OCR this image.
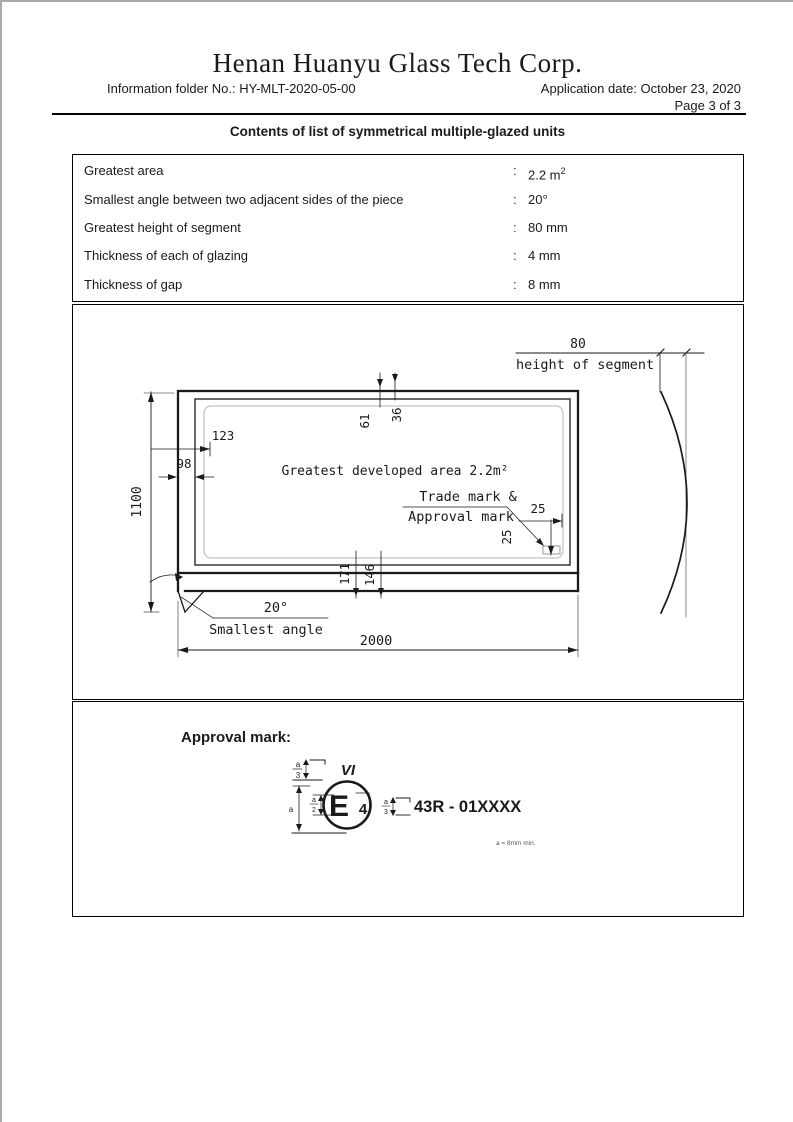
Henan Huanyu Glass Tech Corp.
Information folder No.: HY-MLT-2020-05-00	Application date: October 23, 2020
Page 3 of 3
Contents of list of symmetrical multiple-glazed units
Greatest area	: 2.2 $m^2$
Smallest angle between two adjacent sides of the piece	: 20°
Greatest height of segment	: 80 mm
Thickness of each of glazing	: 4 mm
Thickness of gap	: 8 mm
80
height of segment
61 36
123
98
1100
2000
171 146
Greatest developed area 2.2m²
Trade mark &
Approval mark
25
25
20°
Smallest angle
Approval mark:
a
3	VI
a
a
2 E 4 a
3 43R - 01XXXX
a = 8mm min.
